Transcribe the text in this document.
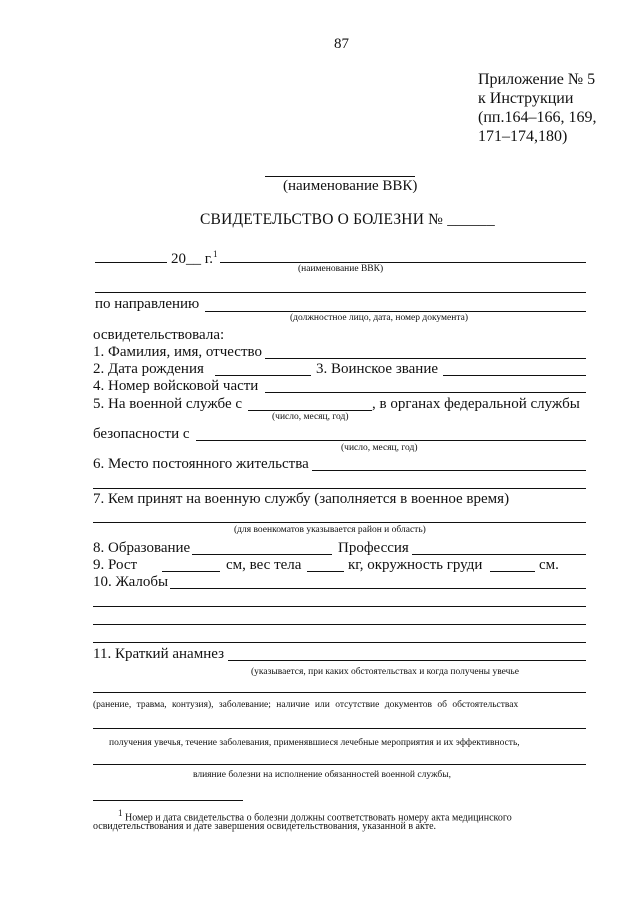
87
Приложение № 5
к Инструкции
(пп.164–166, 169,
171–174,180)
(наименование ВВК)
СВИДЕТЕЛЬСТВО О БОЛЕЗНИ № ______
20__ г.$^1$
(наименование ВВК)
по направлению
(должностное лицо, дата, номер документа)
освидетельствовала:
1. Фамилия, имя, отчество
2. Дата рождения	3. Воинское звание
4. Номер войсковой части
5. На военной службе с	, в органах федеральной службы
(число, месяц, год)
безопасности с
(число, месяц, год)
6. Место постоянного жительства
7. Кем принят на военную службу (заполняется в военное время)
(для военкоматов указывается район и область)
8. Образование	Профессия
9. Рост	см, вес тела	кг, окружность груди	см.
10. Жалобы
11. Краткий анамнез
(указывается, при каких обстоятельствах и когда получены увечье
(ранение, травма, контузия), заболевание; наличие или отсутствие документов об обстоятельствах
получения увечья, течение заболевания, применявшиеся лечебные мероприятия и их эффективность,
влияние болезни на исполнение обязанностей военной службы,
1 Номер и дата свидетельства о болезни должны соответствовать номеру акта медицинского
освидетельствования и дате завершения освидетельствования, указанной в акте.
